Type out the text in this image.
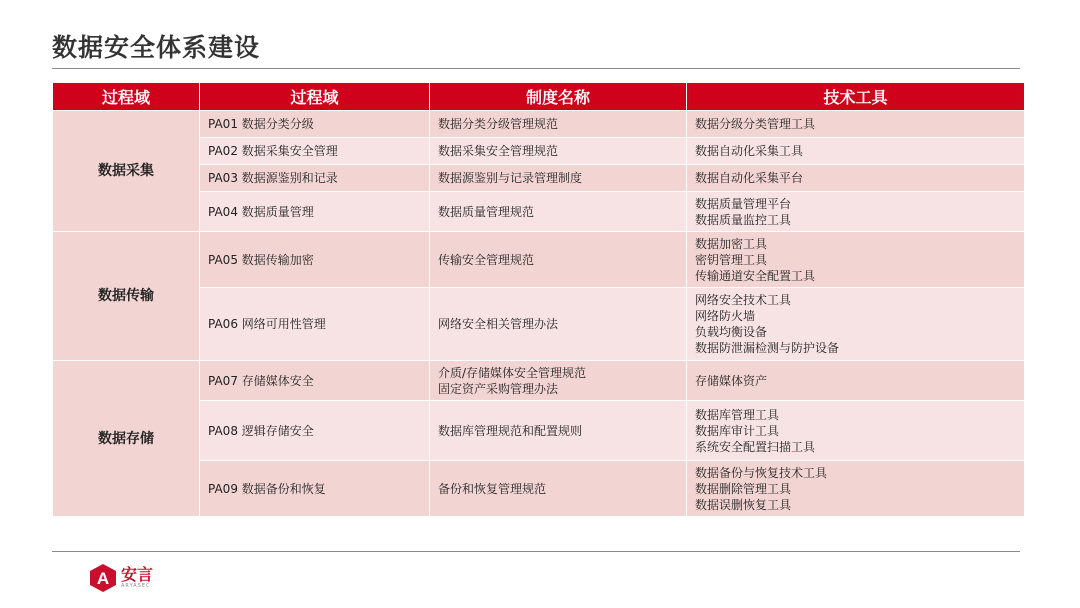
数据安全体系建设
过程域	过程域	制度名称	技术工具
数据采集	PA01 数据分类分级	数据分类分级管理规范	数据分级分类管理工具

	PA02 数据采集安全管理	数据采集安全管理规范	数据自动化采集工具

	PA03 数据源鉴别和记录	数据源鉴别与记录管理制度	数据自动化采集平台

	PA04 数据质量管理	数据质量管理规范	数据质量管理平台
数据质量监控工具

数据传输	PA05 数据传输加密	传输安全管理规范	数据加密工具
密钥管理工具
传输通道安全配置工具

	PA06 网络可用性管理	网络安全相关管理办法	网络安全技术工具
网络防火墙
负载均衡设备
数据防泄漏检测与防护设备

数据存储	PA07 存储媒体安全	介质/存储媒体安全管理规范
固定资产采购管理办法	存储媒体资产

	PA08 逻辑存储安全	数据库管理规范和配置规则	数据库管理工具
数据库审计工具
系统安全配置扫描工具

	PA09 数据备份和恢复	备份和恢复管理规范	数据备份与恢复技术工具
数据删除管理工具
数据误删恢复工具
A 安言
ARYASEC
